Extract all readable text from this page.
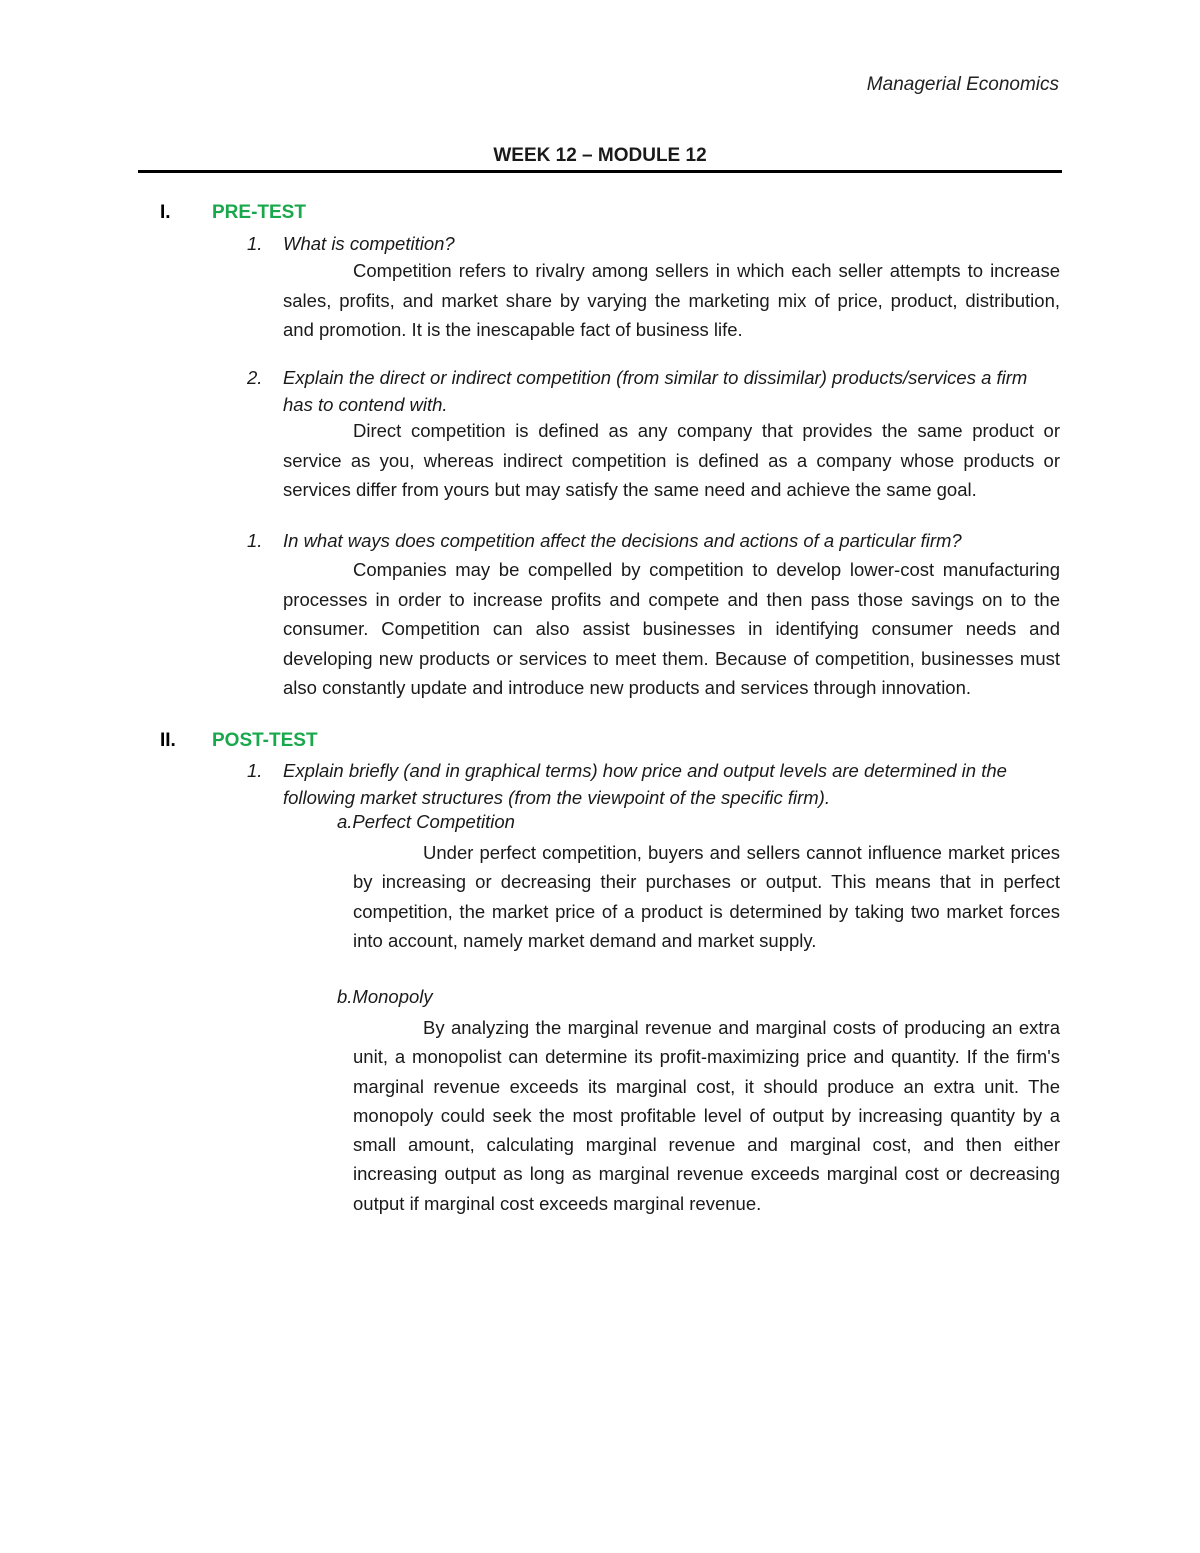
Managerial Economics
WEEK 12 – MODULE 12
I. PRE-TEST
1. What is competition?
Competition refers to rivalry among sellers in which each seller attempts to increase sales, profits, and market share by varying the marketing mix of price, product, distribution, and promotion. It is the inescapable fact of business life.
2. Explain the direct or indirect competition (from similar to dissimilar) products/services a firm has to contend with.
Direct competition is defined as any company that provides the same product or service as you, whereas indirect competition is defined as a company whose products or services differ from yours but may satisfy the same need and achieve the same goal.
1. In what ways does competition affect the decisions and actions of a particular firm?
Companies may be compelled by competition to develop lower-cost manufacturing processes in order to increase profits and compete and then pass those savings on to the consumer. Competition can also assist businesses in identifying consumer needs and developing new products or services to meet them. Because of competition, businesses must also constantly update and introduce new products and services through innovation.
II. POST-TEST
1. Explain briefly (and in graphical terms) how price and output levels are determined in the following market structures (from the viewpoint of the specific firm).
a.Perfect Competition
Under perfect competition, buyers and sellers cannot influence market prices by increasing or decreasing their purchases or output. This means that in perfect competition, the market price of a product is determined by taking two market forces into account, namely market demand and market supply.
b.Monopoly
By analyzing the marginal revenue and marginal costs of producing an extra unit, a monopolist can determine its profit-maximizing price and quantity. If the firm's marginal revenue exceeds its marginal cost, it should produce an extra unit. The monopoly could seek the most profitable level of output by increasing quantity by a small amount, calculating marginal revenue and marginal cost, and then either increasing output as long as marginal revenue exceeds marginal cost or decreasing output if marginal cost exceeds marginal revenue.
